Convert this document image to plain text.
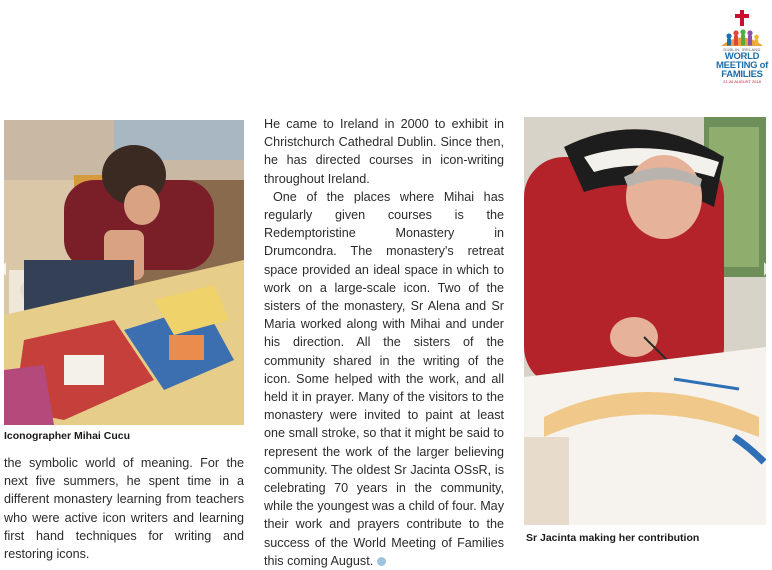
DUBLIN, IRELAND
WORLD
MEETING of
FAMILIES
21-26 AUGUST 2018
Iconographer Mihai Cucu

the symbolic world of meaning. For the next five summers, he spent time in a different monastery learning from teachers who were active icon writers and learning first hand techniques for writing and restoring icons.

He came to Ireland in 2000 to exhibit in Christchurch Cathedral Dublin. Since then, he has directed courses in icon-writing throughout Ireland.

One of the places where Mihai has regularly given courses is the Redemptoristine Monastery in Drumcondra. The monastery's retreat space provided an ideal space in which to work on a large-scale icon. Two of the sisters of the monastery, Sr Alena and Sr Maria worked along with Mihai and under his direction. All the sisters of the community shared in the writing of the icon. Some helped with the work, and all held it in prayer. Many of the visitors to the monastery were invited to paint at least one small stroke, so that it might be said to represent the work of the larger believing community. The oldest Sr Jacinta OSsR, is celebrating 70 years in the community, while the youngest was a child of four. May their work and prayers contribute to the success of the World Meeting of Families this coming August.

Sr Jacinta making her contribution
